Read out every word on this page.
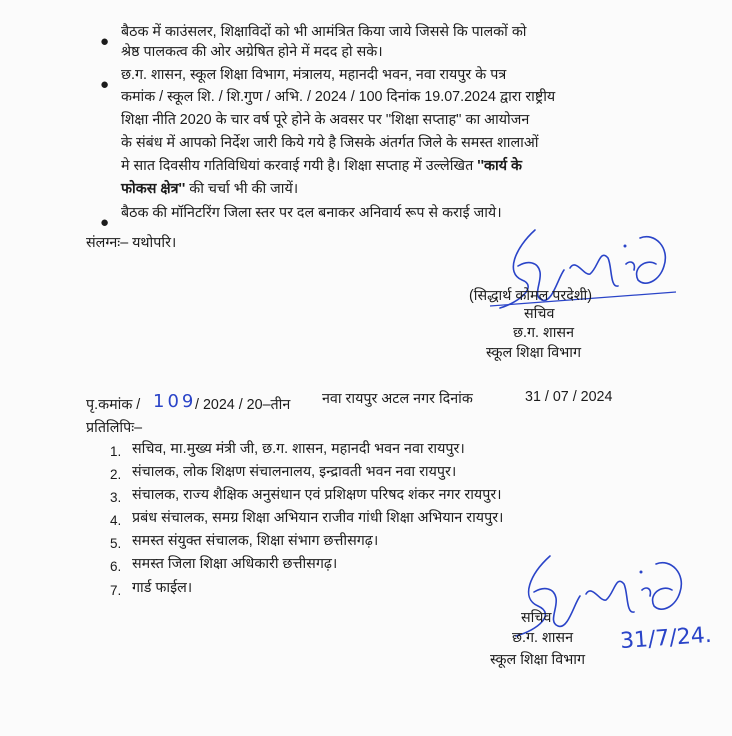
●
बैठक में काउंसलर, शिक्षाविदों को भी आमंत्रित किया जाये जिससे कि पालकों को
श्रेष्ठ पालकत्व की ओर अग्रेषित होने में मदद हो सके।
●
छ.ग. शासन, स्कूल शिक्षा विभाग, मंत्रालय, महानदी भवन, नवा रायपुर के पत्र
कमांक / स्कूल शि. / शि.गुण / अभि. / 2024 / 100 दिनांक 19.07.2024 द्वारा राष्ट्रीय
शिक्षा नीति 2020 के चार वर्ष पूरे होने के अवसर पर ''शिक्षा सप्ताह'' का आयोजन
के संबंध में आपको निर्देश जारी किये गये है जिसके अंतर्गत जिले के समस्त शालाओं
मे सात दिवसीय गतिविधियां करवाई गयी है। शिक्षा सप्ताह में उल्लेखित ''कार्य के
फोकस क्षेत्र'' की चर्चा भी की जायें।
●
बैठक की मॉनिटरिंग जिला स्तर पर दल बनाकर अनिवार्य रूप से कराई जाये।
संलग्नः– यथोपरि।
(सिद्धार्थ कोमल परदेशी)
सचिव
छ.ग. शासन
स्कूल शिक्षा विभाग
पृ.कमांक / 109
/ 2024 / 20–तीन नवा रायपुर अटल नगर दिनांक	31 / 07 / 2024
प्रतिलिपिः–
1. सचिव, मा.मुख्य मंत्री जी, छ.ग. शासन, महानदी भवन नवा रायपुर।
2. संचालक, लोक शिक्षण संचालनालय, इन्द्रावती भवन नवा रायपुर।
3. संचालक, राज्य शैक्षिक अनुसंधान एवं प्रशिक्षण परिषद शंकर नगर रायपुर।
4. प्रबंध संचालक, समग्र शिक्षा अभियान राजीव गांधी शिक्षा अभियान रायपुर।
5. समस्त संयुक्त संचालक, शिक्षा संभाग छत्तीसगढ़।
6. समस्त जिला शिक्षा अधिकारी छत्तीसगढ़।
7. गार्ड फाईल।
सचिव
छ.ग. शासन
स्कूल शिक्षा विभाग
31/7/24.
